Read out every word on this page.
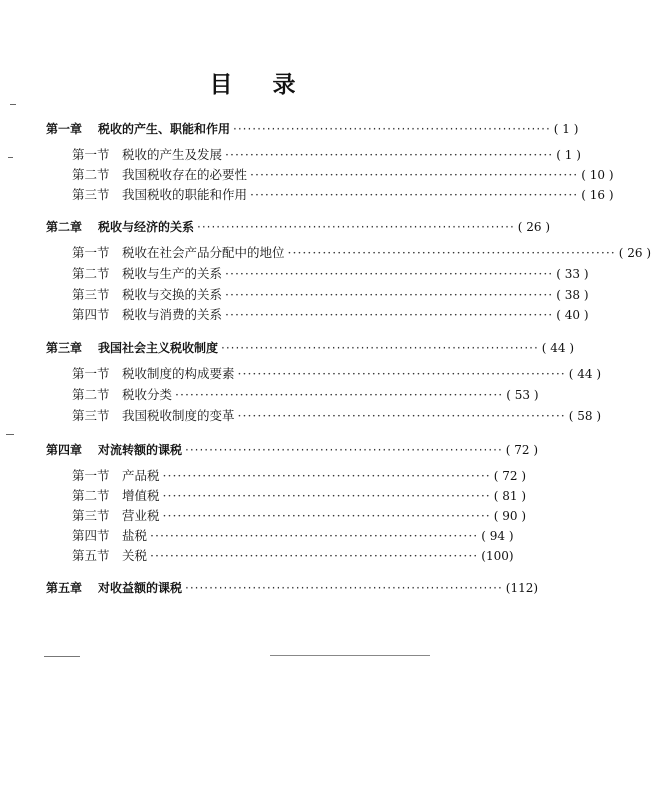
目 录
第一章	税收的产生、职能和作用 ·································································· ( 1 )
第一节 税收的产生及发展 ·································································· ( 1 )
第二节 我国税收存在的必要性 ·································································· ( 10 )
第三节 我国税收的职能和作用 ·································································· ( 16 )
第二章	税收与经济的关系 ·································································· ( 26 )
第一节 税收在社会产品分配中的地位 ·································································· ( 26 )
第二节 税收与生产的关系 ·································································· ( 33 )
第三节 税收与交换的关系 ·································································· ( 38 )
第四节 税收与消费的关系 ·································································· ( 40 )
第三章	我国社会主义税收制度 ·································································· ( 44 )
第一节 税收制度的构成要素 ·································································· ( 44 )
第二节 税收分类 ·································································· ( 53 )
第三节 我国税收制度的变革 ·································································· ( 58 )
第四章	对流转额的课税 ·································································· ( 72 )
第一节 产品税 ·································································· ( 72 )
第二节 增值税 ·································································· ( 81 )
第三节 营业税 ·································································· ( 90 )
第四节 盐税 ·································································· ( 94 )
第五节 关税 ·································································· (100)
第五章	对收益额的课税 ·································································· (112)
